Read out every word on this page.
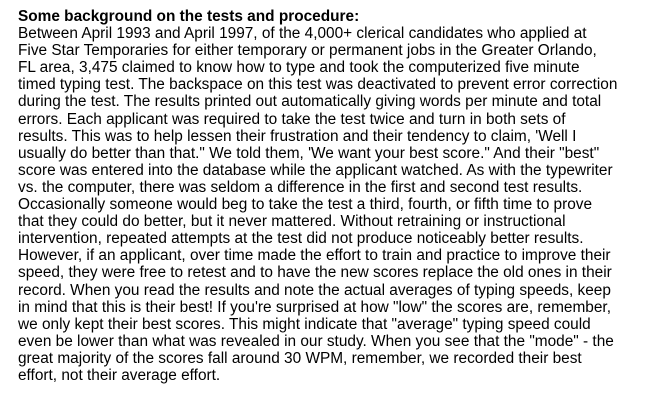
Some background on the tests and procedure:

Between April 1993 and April 1997, of the 4,000+ clerical candidates who applied at

Five Star Temporaries for either temporary or permanent jobs in the Greater Orlando,

FL area, 3,475 claimed to know how to type and took the computerized five minute

timed typing test. The backspace on this test was deactivated to prevent error correction

during the test. The results printed out automatically giving words per minute and total

errors. Each applicant was required to take the test twice and turn in both sets of

results. This was to help lessen their frustration and their tendency to claim, 'Well I

usually do better than that." We told them, 'We want your best score." And their "best"

score was entered into the database while the applicant watched. As with the typewriter

vs. the computer, there was seldom a difference in the first and second test results.

Occasionally someone would beg to take the test a third, fourth, or fifth time to prove

that they could do better, but it never mattered. Without retraining or instructional

intervention, repeated attempts at the test did not produce noticeably better results.

However, if an applicant, over time made the effort to train and practice to improve their

speed, they were free to retest and to have the new scores replace the old ones in their

record. When you read the results and note the actual averages of typing speeds, keep

in mind that this is their best! If you're surprised at how "low" the scores are, remember,

we only kept their best scores. This might indicate that "average" typing speed could

even be lower than what was revealed in our study. When you see that the "mode" - the

great majority of the scores fall around 30 WPM, remember, we recorded their best

effort, not their average effort.
